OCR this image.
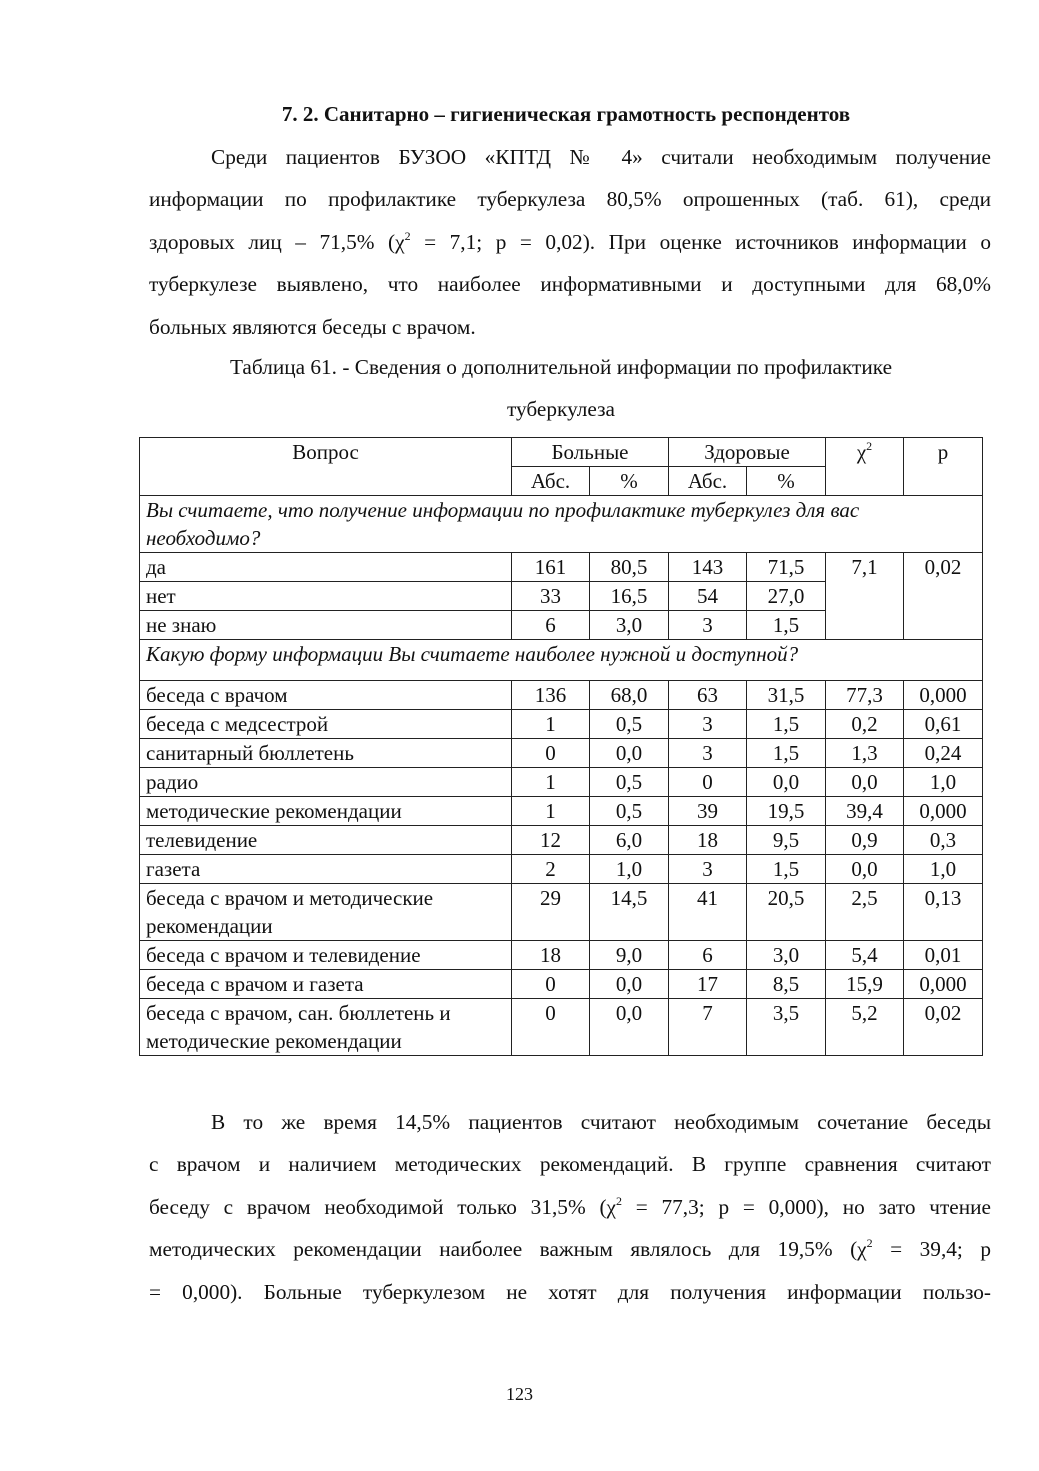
7. 2. Санитарно – гигиеническая грамотность респондентов

Среди пациентов БУЗОО «КПТД № 4» считали необходимым получение
информации по профилактике туберкулеза 80,5% опрошенных (таб. 61), среди
здоровых лиц – 71,5% ($\chi^2 = 7,1$; р = 0,02). При оценке источников информации о
туберкулезе выявлено, что наиболее информативными и доступными для 68,0%
больных являются беседы с врачом.

Таблица 61. - Сведения о дополнительной информации по профилактике
туберкулеза
Вопрос	Больные		Здоровые		$\chi^2$	р
	Абс.	%	Абс.	%		
Вы считаете, что получение информации по профилактике туберкулез для вас необходимо?						
да	161	80,5	143	71,5	7,1	0,02
нет	33	16,5	54	27,0		
не знаю	6	3,0	3	1,5		
Какую форму информации Вы считаете наиболее нужной и доступной?						
беседа с врачом	136	68,0	63	31,5	77,3	0,000
беседа с медсестрой	1	0,5	3	1,5	0,2	0,61
санитарный бюллетень	0	0,0	3	1,5	1,3	0,24
радио	1	0,5	0	0,0	0,0	1,0
методические рекомендации	1	0,5	39	19,5	39,4	0,000
телевидение	12	6,0	18	9,5	0,9	0,3
газета	2	1,0	3	1,5	0,0	1,0
беседа с врачом и методические рекомендации	29	14,5	41	20,5	2,5	0,13
беседа с врачом и телевидение	18	9,0	6	3,0	5,4	0,01
беседа с врачом и газета	0	0,0	17	8,5	15,9	0,000
беседа с врачом, сан. бюллетень и методические рекомендации	0	0,0	7	3,5	5,2	0,02

В то же время 14,5% пациентов считают необходимым сочетание беседы
с врачом и наличием методических рекомендаций. В группе сравнения считают
беседу с врачом необходимой только 31,5% ($\chi^2 = 77,3$; р = 0,000), но зато чтение
методических рекомендации наиболее важным являлось для 19,5% ($\chi^2 = 39,4$; р
= 0,000). Больные туберкулезом не хотят для получения информации пользо-

123
